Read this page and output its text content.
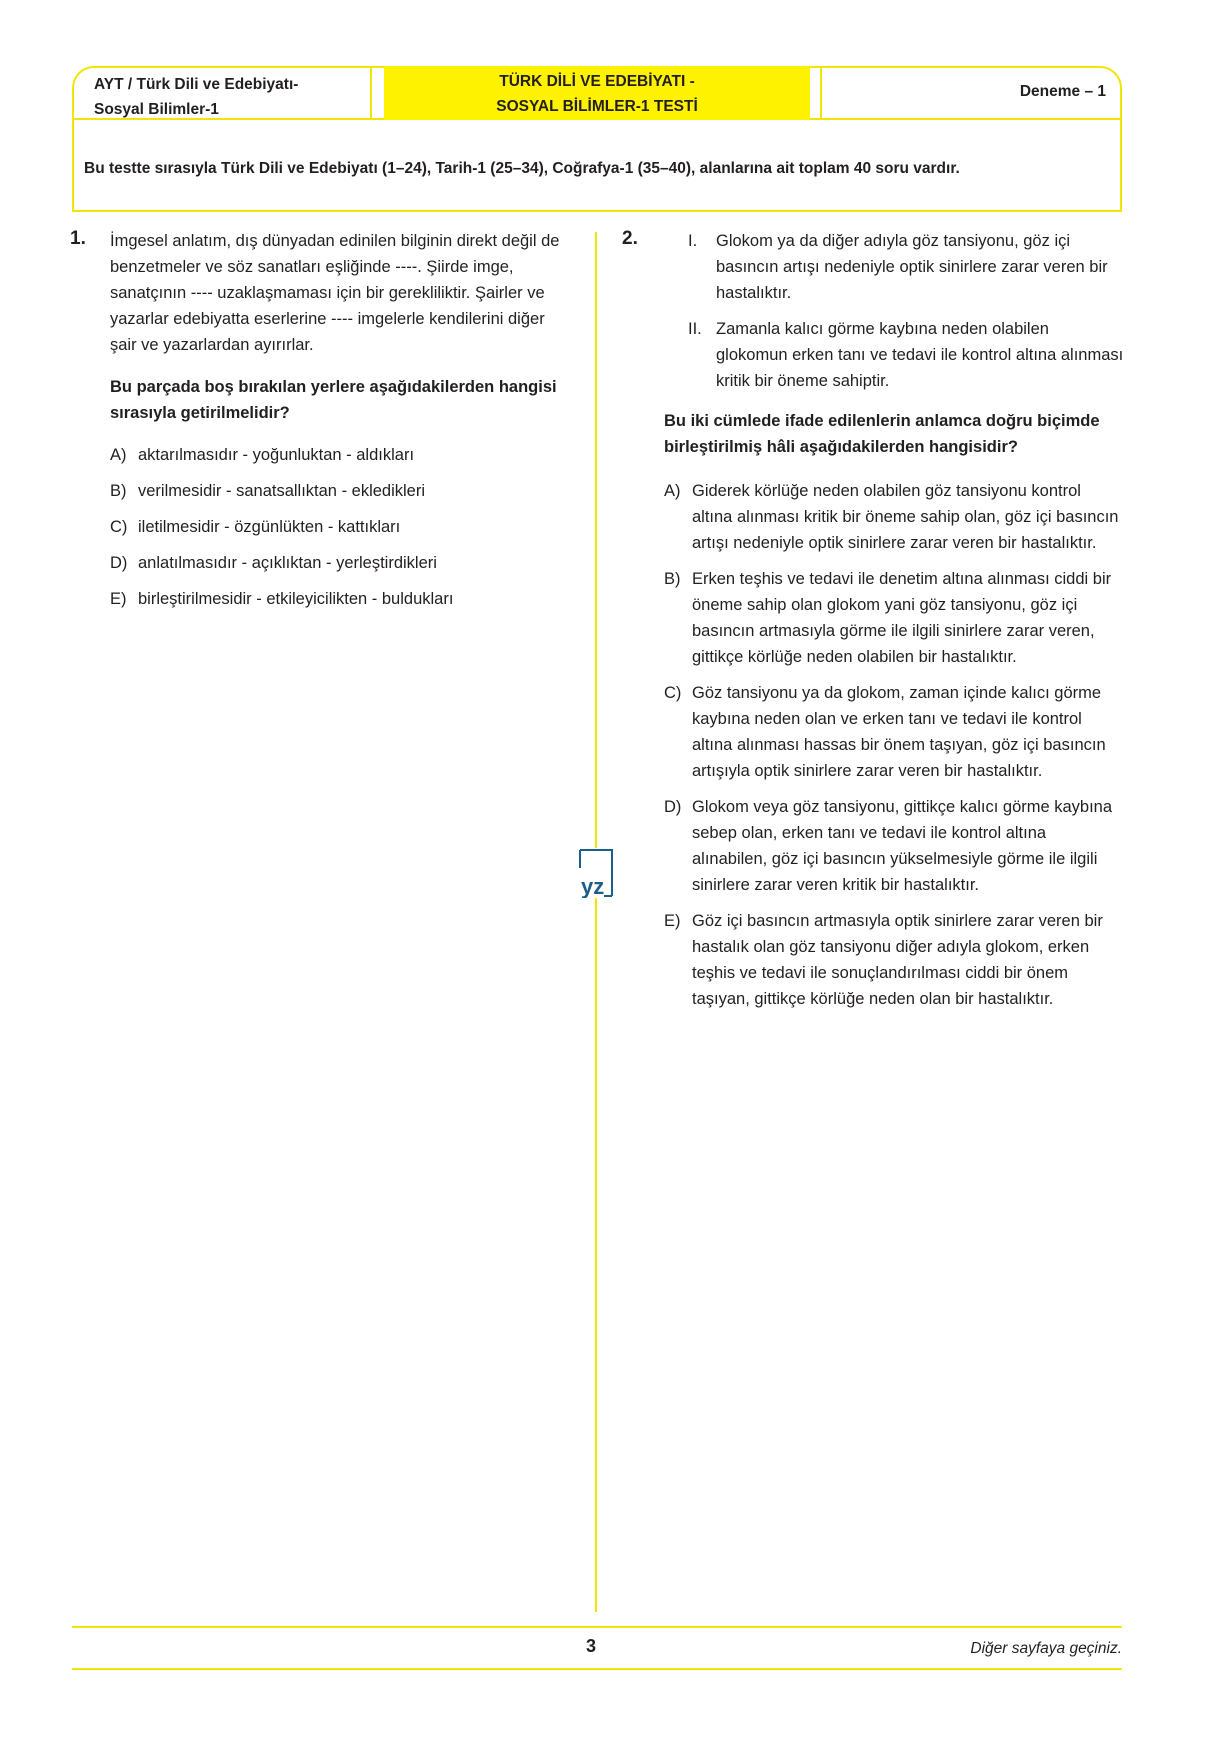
AYT / Türk Dili ve Edebiyatı-
Sosyal Bilimler-1
TÜRK DİLİ VE EDEBİYATI -
SOSYAL BİLİMLER-1 TESTİ
Deneme – 1
Bu testte sırasıyla Türk Dili ve Edebiyatı (1–24), Tarih-1 (25–34), Coğrafya-1 (35–40), alanlarına ait toplam 40 soru vardır.
yz
1. İmgesel anlatım, dış dünyadan edinilen bilginin direkt değil de benzetmeler ve söz sanatları eşliğinde ----. Şiirde imge, sanatçının ---- uzaklaşmaması için bir gerekliliktir. Şairler ve yazarlar edebiyatta eserlerine ---- imgelerle kendilerini diğer şair ve yazarlardan ayırırlar.
Bu parçada boş bırakılan yerlere aşağıdakilerden hangisi sırasıyla getirilmelidir?
A) aktarılmasıdır - yoğunluktan - aldıkları
B) verilmesidir - sanatsallıktan - ekledikleri
C) iletilmesidir - özgünlükten - kattıkları
D) anlatılmasıdır - açıklıktan - yerleştirdikleri
E) birleştirilmesidir - etkileyicilikten - buldukları
2.	I. Glokom ya da diğer adıyla göz tansiyonu, göz içi basıncın artışı nedeniyle optik sinirlere zarar veren bir hastalıktır.
II. Zamanla kalıcı görme kaybına neden olabilen glokomun erken tanı ve tedavi ile kontrol altına alınması kritik bir öneme sahiptir.
Bu iki cümlede ifade edilenlerin anlamca doğru biçimde birleştirilmiş hâli aşağıdakilerden hangisidir?
A) Giderek körlüğe neden olabilen göz tansiyonu kontrol altına alınması kritik bir öneme sahip olan, göz içi basıncın artışı nedeniyle optik sinirlere zarar veren bir hastalıktır.
B) Erken teşhis ve tedavi ile denetim altına alınması ciddi bir öneme sahip olan glokom yani göz tansiyonu, göz içi basıncın artmasıyla görme ile ilgili sinirlere zarar veren, gittikçe körlüğe neden olabilen bir hastalıktır.
C) Göz tansiyonu ya da glokom, zaman içinde kalıcı görme kaybına neden olan ve erken tanı ve tedavi ile kontrol altına alınması hassas bir önem taşıyan, göz içi basıncın artışıyla optik sinirlere zarar veren bir hastalıktır.
D) Glokom veya göz tansiyonu, gittikçe kalıcı görme kaybına sebep olan, erken tanı ve tedavi ile kontrol altına alınabilen, göz içi basıncın yükselmesiyle görme ile ilgili sinirlere zarar veren kritik bir hastalıktır.
E) Göz içi basıncın artmasıyla optik sinirlere zarar veren bir hastalık olan göz tansiyonu diğer adıyla glokom, erken teşhis ve tedavi ile sonuçlandırılması ciddi bir önem taşıyan, gittikçe körlüğe neden olan bir hastalıktır.
3	Diğer sayfaya geçiniz.
